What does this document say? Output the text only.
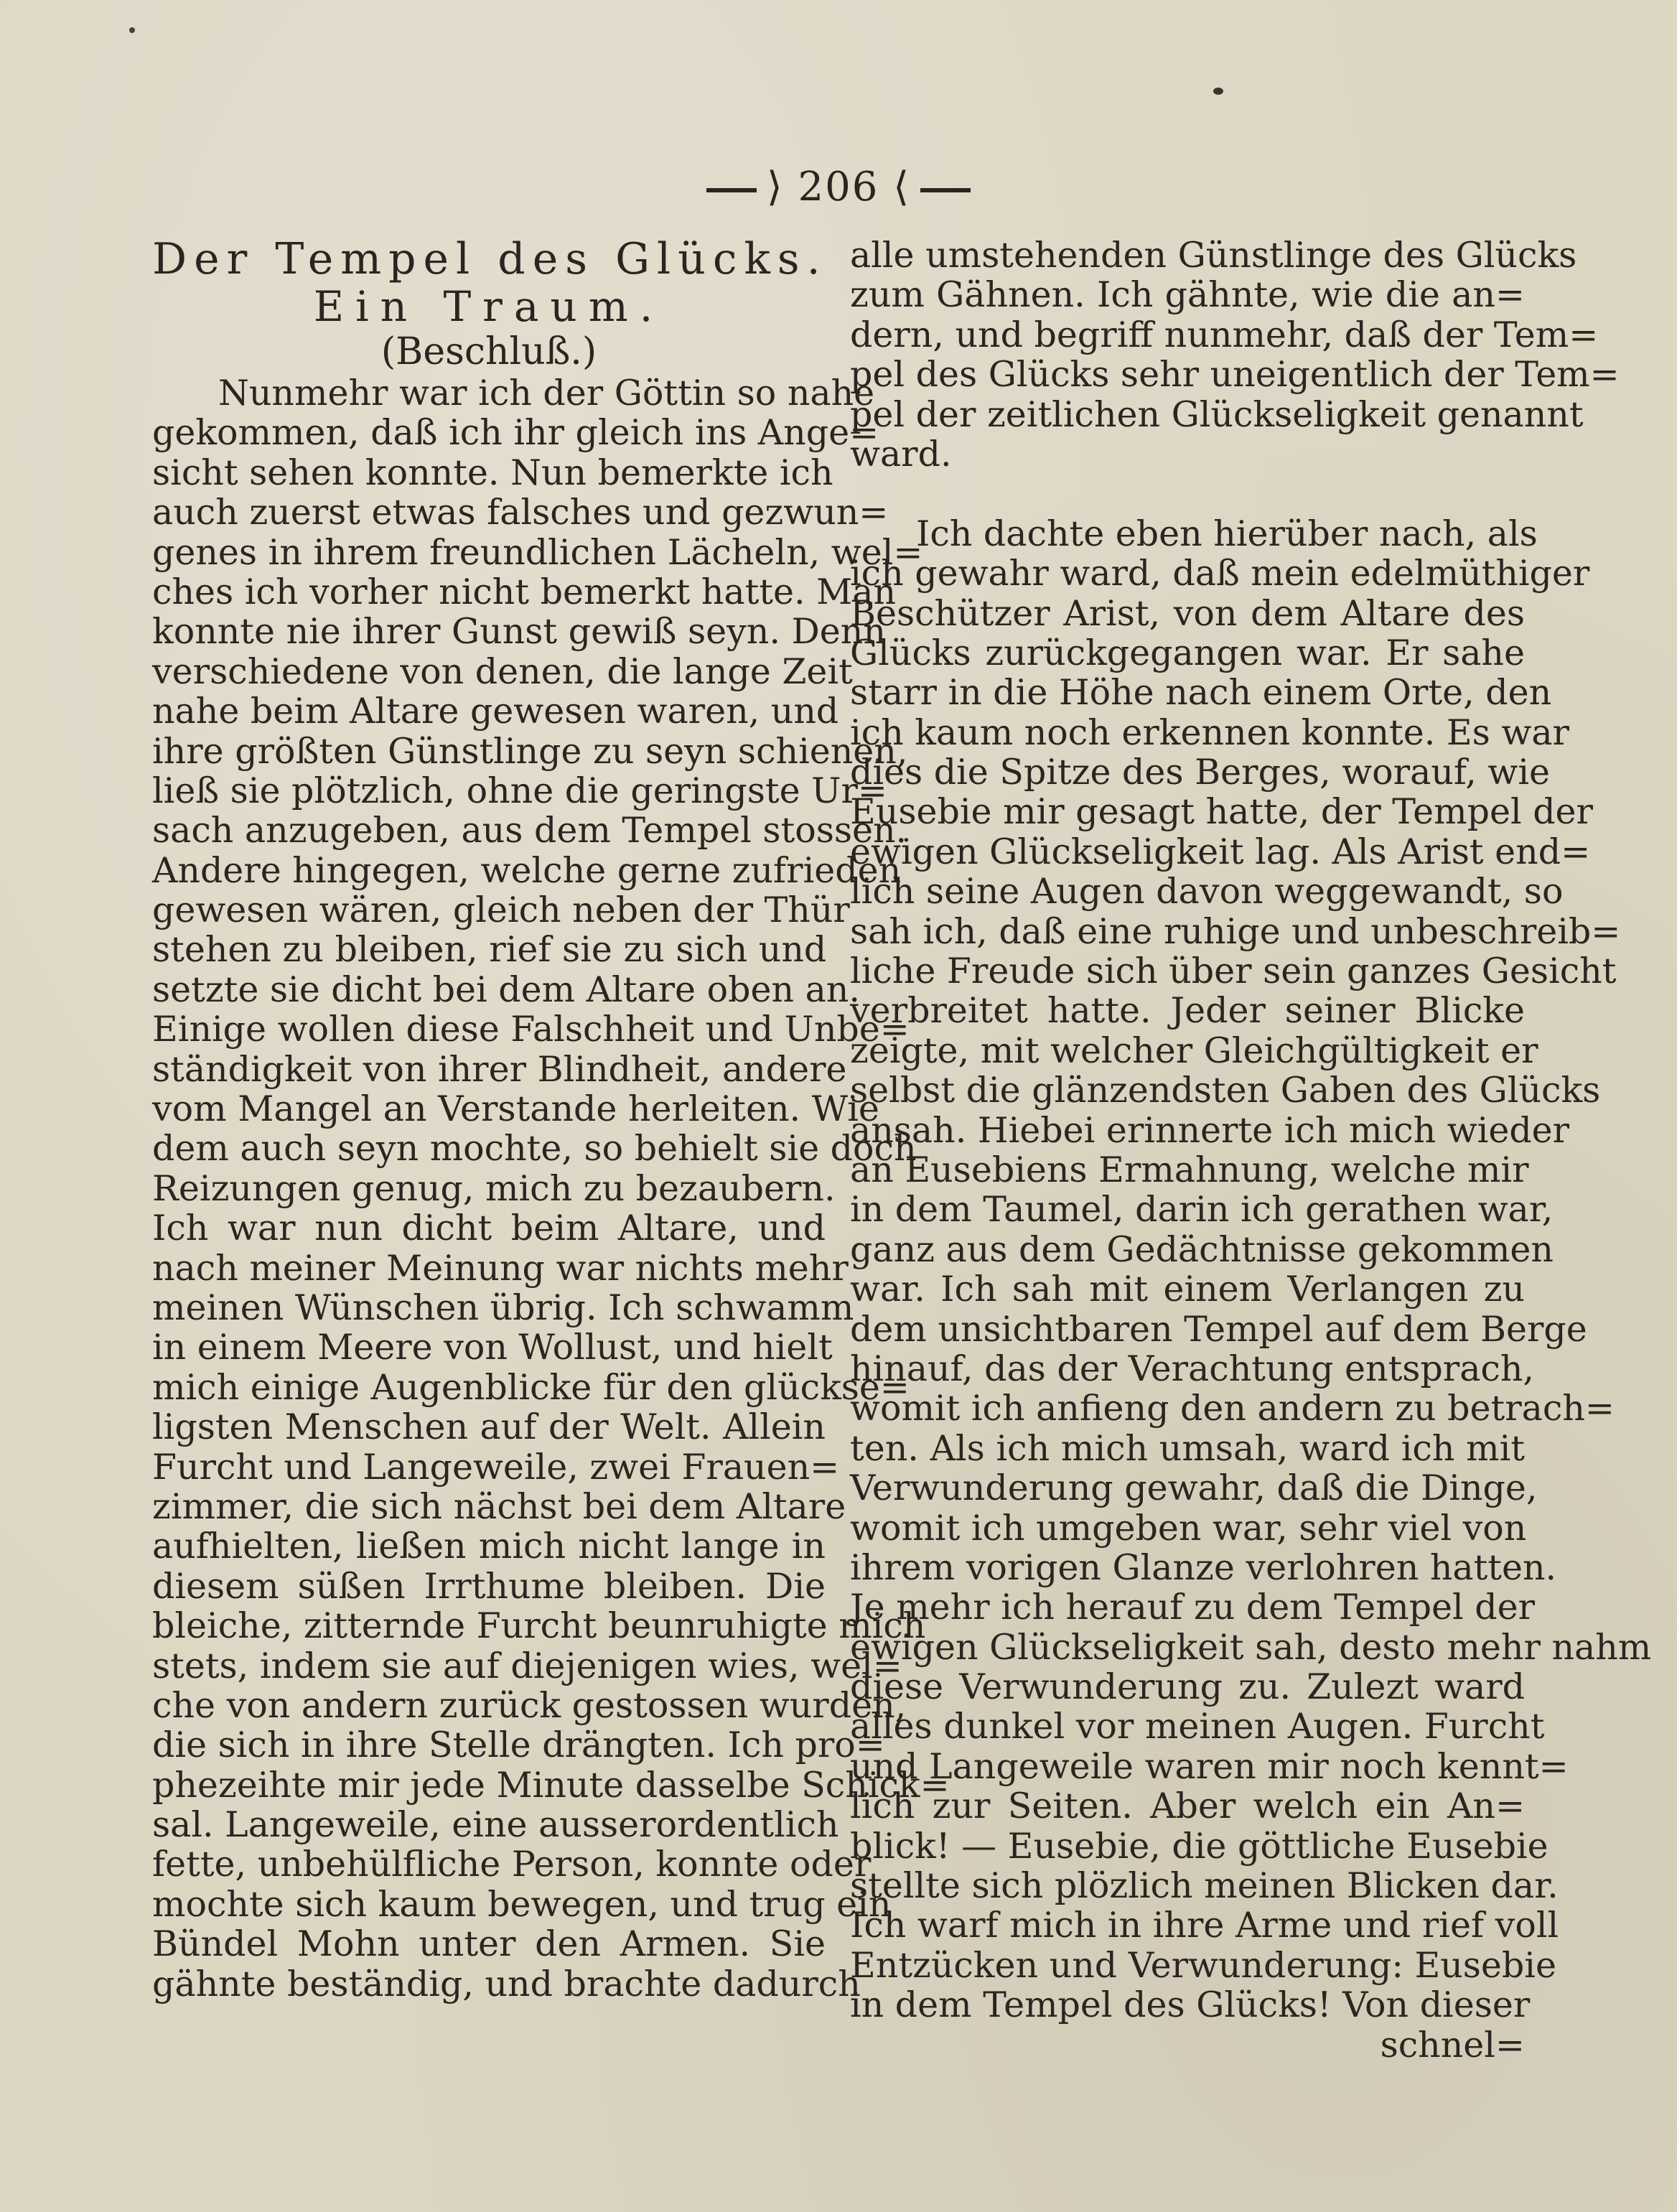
⟩ 206 ⟨
Der Tempel des Glücks.
Ein Traum.
(Beschluß.)
Nunmehr war ich der Göttin so nahe
gekommen, daß ich ihr gleich ins Ange=
sicht sehen konnte. Nun bemerkte ich
auch zuerst etwas falsches und gezwun=
genes in ihrem freundlichen Lächeln, wel=
ches ich vorher nicht bemerkt hatte. Man
konnte nie ihrer Gunst gewiß seyn. Denn
verschiedene von denen, die lange Zeit
nahe beim Altare gewesen waren, und
ihre größten Günstlinge zu seyn schienen,
ließ sie plötzlich, ohne die geringste Ur=
sach anzugeben, aus dem Tempel stossen.
Andere hingegen, welche gerne zufrieden
gewesen wären, gleich neben der Thür
stehen zu bleiben, rief sie zu sich und
setzte sie dicht bei dem Altare oben an.
Einige wollen diese Falschheit und Unbe=
ständigkeit von ihrer Blindheit, andere
vom Mangel an Verstande herleiten. Wie
dem auch seyn mochte, so behielt sie doch
Reizungen genug, mich zu bezaubern.
Ich war nun dicht beim Altare, und
nach meiner Meinung war nichts mehr
meinen Wünschen übrig. Ich schwamm
in einem Meere von Wollust, und hielt
mich einige Augenblicke für den glückse=
ligsten Menschen auf der Welt. Allein
Furcht und Langeweile, zwei Frauen=
zimmer, die sich nächst bei dem Altare
aufhielten, ließen mich nicht lange in
diesem süßen Irrthume bleiben. Die
bleiche, zitternde Furcht beunruhigte mich
stets, indem sie auf diejenigen wies, wel=
che von andern zurück gestossen wurden,
die sich in ihre Stelle drängten. Ich pro=
phezeihte mir jede Minute dasselbe Schick=
sal. Langeweile, eine ausserordentlich
fette, unbehülfliche Person, konnte oder
mochte sich kaum bewegen, und trug ein
Bündel Mohn unter den Armen. Sie
gähnte beständig, und brachte dadurch
alle umstehenden Günstlinge des Glücks
zum Gähnen. Ich gähnte, wie die an=
dern, und begriff nunmehr, daß der Tem=
pel des Glücks sehr uneigentlich der Tem=
pel der zeitlichen Glückseligkeit genannt
ward.
Ich dachte eben hierüber nach, als
ich gewahr ward, daß mein edelmüthiger
Beschützer Arist, von dem Altare des
Glücks zurückgegangen war. Er sahe
starr in die Höhe nach einem Orte, den
ich kaum noch erkennen konnte. Es war
dies die Spitze des Berges, worauf, wie
Eusebie mir gesagt hatte, der Tempel der
ewigen Glückseligkeit lag. Als Arist end=
lich seine Augen davon weggewandt, so
sah ich, daß eine ruhige und unbeschreib=
liche Freude sich über sein ganzes Gesicht
verbreitet hatte. Jeder seiner Blicke
zeigte, mit welcher Gleichgültigkeit er
selbst die glänzendsten Gaben des Glücks
ansah. Hiebei erinnerte ich mich wieder
an Eusebiens Ermahnung, welche mir
in dem Taumel, darin ich gerathen war,
ganz aus dem Gedächtnisse gekommen
war. Ich sah mit einem Verlangen zu
dem unsichtbaren Tempel auf dem Berge
hinauf, das der Verachtung entsprach,
womit ich anfieng den andern zu betrach=
ten. Als ich mich umsah, ward ich mit
Verwunderung gewahr, daß die Dinge,
womit ich umgeben war, sehr viel von
ihrem vorigen Glanze verlohren hatten.
Je mehr ich herauf zu dem Tempel der
ewigen Glückseligkeit sah, desto mehr nahm
diese Verwunderung zu. Zulezt ward
alles dunkel vor meinen Augen. Furcht
und Langeweile waren mir noch kennt=
lich zur Seiten. Aber welch ein An=
blick! — Eusebie, die göttliche Eusebie
stellte sich plözlich meinen Blicken dar.
Ich warf mich in ihre Arme und rief voll
Entzücken und Verwunderung: Eusebie
in dem Tempel des Glücks! Von dieser
schnel=
